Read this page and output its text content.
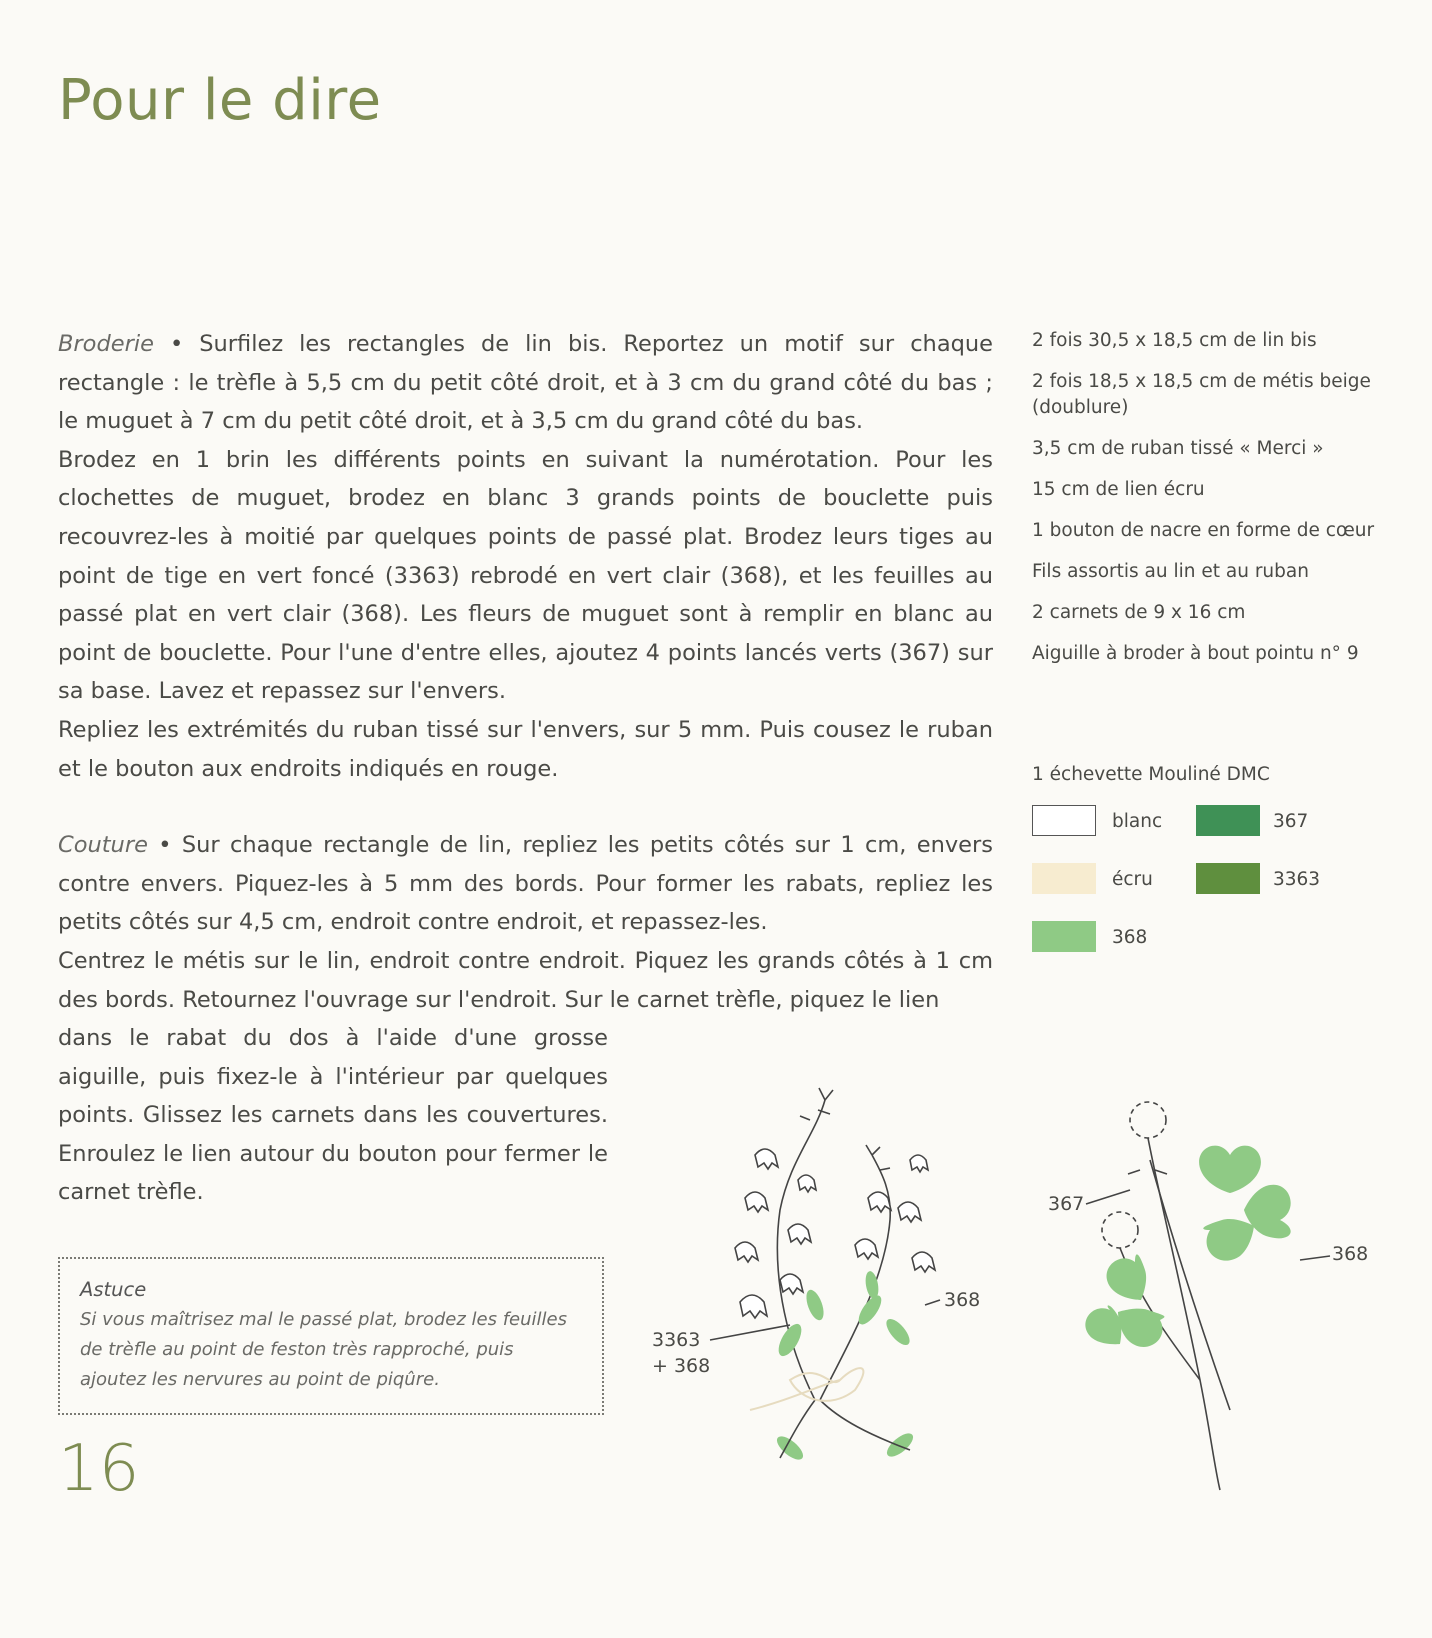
Pour le dire

Broderie • Surfilez les rectangles de lin bis. Reportez un motif sur chaque rectangle : le trèfle à 5,5 cm du petit côté droit, et à 3 cm du grand côté du bas ; le muguet à 7 cm du petit côté droit, et à 3,5 cm du grand côté du bas.

Brodez en 1 brin les différents points en suivant la numérotation. Pour les clochettes de muguet, brodez en blanc 3 grands points de bouclette puis recouvrez-les à moitié par quelques points de passé plat. Brodez leurs tiges au point de tige en vert foncé (3363) rebrodé en vert clair (368), et les feuilles au passé plat en vert clair (368). Les fleurs de muguet sont à remplir en blanc au point de bouclette. Pour l'une d'entre elles, ajoutez 4 points lancés verts (367) sur sa base. Lavez et repassez sur l'envers.

Repliez les extrémités du ruban tissé sur l'envers, sur 5 mm. Puis cousez le ruban et le bouton aux endroits indiqués en rouge.

Couture • Sur chaque rectangle de lin, repliez les petits côtés sur 1 cm, envers contre envers. Piquez-les à 5 mm des bords. Pour former les rabats, repliez les petits côtés sur 4,5 cm, endroit contre endroit, et repassez-les.

Centrez le métis sur le lin, endroit contre endroit. Piquez les grands côtés à 1 cm des bords. Retournez l'ouvrage sur l'endroit. Sur le carnet trèfle, piquez le lien

dans le rabat du dos à l'aide d'une grosse aiguille, puis fixez-le à l'intérieur par quelques points. Glissez les carnets dans les couvertures. Enroulez le lien autour du bouton pour fermer le carnet trèfle.

Astuce

Si vous maîtrisez mal le passé plat, brodez les feuilles de trèfle au point de feston très rapproché, puis ajoutez les nervures au point de piqûre.

16

2 fois 30,5 x 18,5 cm de lin bis
2 fois 18,5 x 18,5 cm de métis beige (doublure)
3,5 cm de ruban tissé « Merci »
15 cm de lien écru
1 bouton de nacre en forme de cœur
Fils assortis au lin et au ruban
2 carnets de 9 x 16 cm
Aiguille à broder à bout pointu n° 9

1 échevette Mouliné DMC

blanc	367
écru	3363
368
3363
+ 368
368
367
368
